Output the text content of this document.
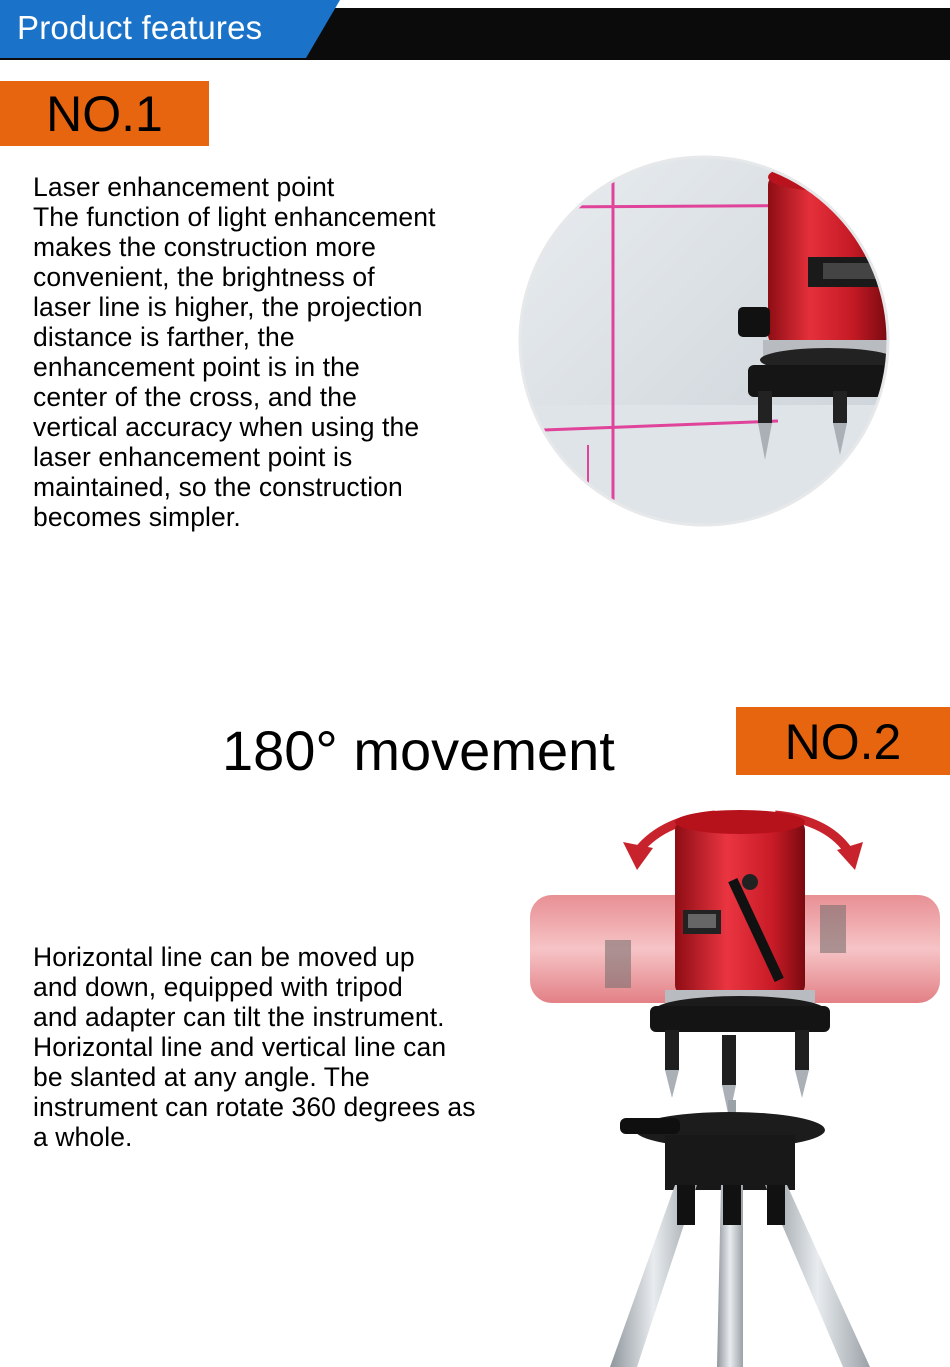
Product features
NO.1
Laser enhancement point
The function of light enhancement
makes the construction more
convenient, the brightness of
laser line is higher, the projection
distance is farther, the
enhancement point is in the
center of the cross, and the
vertical accuracy when using the
laser enhancement point is
maintained, so the construction
becomes simpler.
180° movement	NO.2
Horizontal line can be moved up
and down, equipped with tripod
and adapter can tilt the instrument.
Horizontal line and vertical line can
be slanted at any angle. The
instrument can rotate 360 degrees as
a whole.
